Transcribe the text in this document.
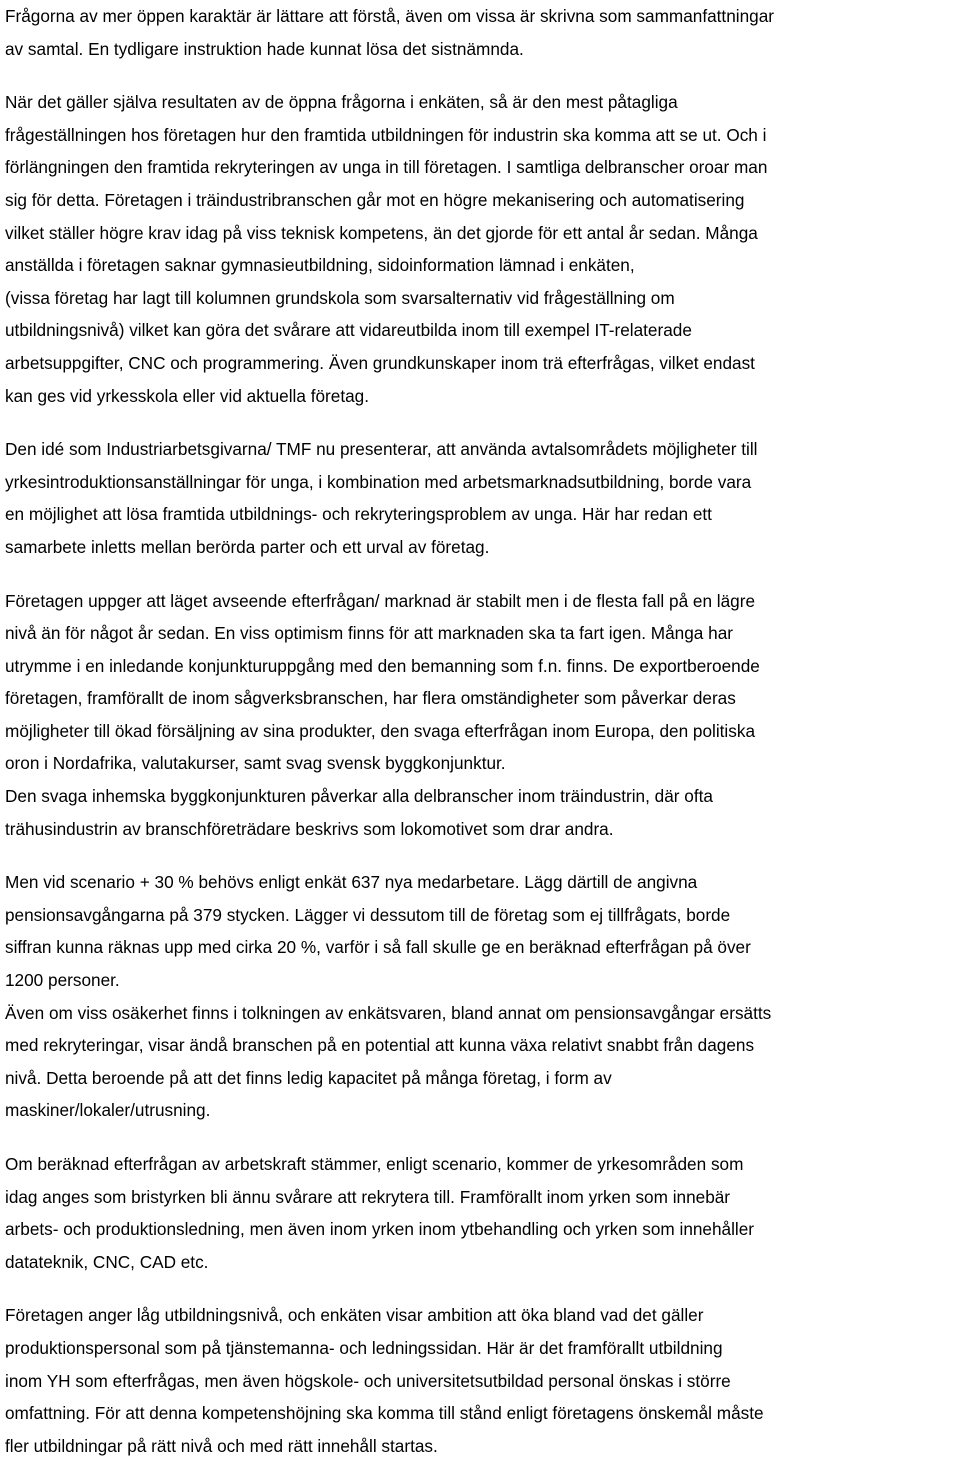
Frågorna av mer öppen karaktär är lättare att förstå, även om vissa är skrivna som sammanfattningar
av samtal. En tydligare instruktion hade kunnat lösa det sistnämnda.
När det gäller själva resultaten av de öppna frågorna i enkäten, så är den mest påtagliga
frågeställningen hos företagen hur den framtida utbildningen för industrin ska komma att se ut. Och i
förlängningen den framtida rekryteringen av unga in till företagen. I samtliga delbranscher oroar man
sig för detta. Företagen i träindustribranschen går mot en högre mekanisering och automatisering
vilket ställer högre krav idag på viss teknisk kompetens, än det gjorde för ett antal år sedan. Många
anställda i företagen saknar gymnasieutbildning, sidoinformation lämnad i enkäten,
(vissa företag har lagt till kolumnen grundskola som svarsalternativ vid frågeställning om
utbildningsnivå) vilket kan göra det svårare att vidareutbilda inom till exempel IT-relaterade
arbetsuppgifter, CNC och programmering. Även grundkunskaper inom trä efterfrågas, vilket endast
kan ges vid yrkesskola eller vid aktuella företag.
Den idé som Industriarbetsgivarna/ TMF nu presenterar, att använda avtalsområdets möjligheter till
yrkesintroduktionsanställningar för unga, i kombination med arbetsmarknadsutbildning, borde vara
en möjlighet att lösa framtida utbildnings- och rekryteringsproblem av unga. Här har redan ett
samarbete inletts mellan berörda parter och ett urval av företag.
Företagen uppger att läget avseende efterfrågan/ marknad är stabilt men i de flesta fall på en lägre
nivå än för något år sedan. En viss optimism finns för att marknaden ska ta fart igen. Många har
utrymme i en inledande konjunkturuppgång med den bemanning som f.n. finns. De exportberoende
företagen, framförallt de inom sågverksbranschen, har flera omständigheter som påverkar deras
möjligheter till ökad försäljning av sina produkter, den svaga efterfrågan inom Europa, den politiska
oron i Nordafrika, valutakurser, samt svag svensk byggkonjunktur.
Den svaga inhemska byggkonjunkturen påverkar alla delbranscher inom träindustrin, där ofta
trähusindustrin av branschföreträdare beskrivs som lokomotivet som drar andra.
Men vid scenario + 30 % behövs enligt enkät 637 nya medarbetare. Lägg därtill de angivna
pensionsavgångarna på 379 stycken. Lägger vi dessutom till de företag som ej tillfrågats, borde
siffran kunna räknas upp med cirka 20 %, varför i så fall skulle ge en beräknad efterfrågan på över
1200 personer.
Även om viss osäkerhet finns i tolkningen av enkätsvaren, bland annat om pensionsavgångar ersätts
med rekryteringar, visar ändå branschen på en potential att kunna växa relativt snabbt från dagens
nivå. Detta beroende på att det finns ledig kapacitet på många företag, i form av
maskiner/lokaler/utrusning.
Om beräknad efterfrågan av arbetskraft stämmer, enligt scenario, kommer de yrkesområden som
idag anges som bristyrken bli ännu svårare att rekrytera till. Framförallt inom yrken som innebär
arbets- och produktionsledning, men även inom yrken inom ytbehandling och yrken som innehåller
datateknik, CNC, CAD etc.
Företagen anger låg utbildningsnivå, och enkäten visar ambition att öka bland vad det gäller
produktionspersonal som på tjänstemanna- och ledningssidan. Här är det framförallt utbildning
inom YH som efterfrågas, men även högskole- och universitetsutbildad personal önskas i större
omfattning. För att denna kompetenshöjning ska komma till stånd enligt företagens önskemål måste
fler utbildningar på rätt nivå och med rätt innehåll startas.
